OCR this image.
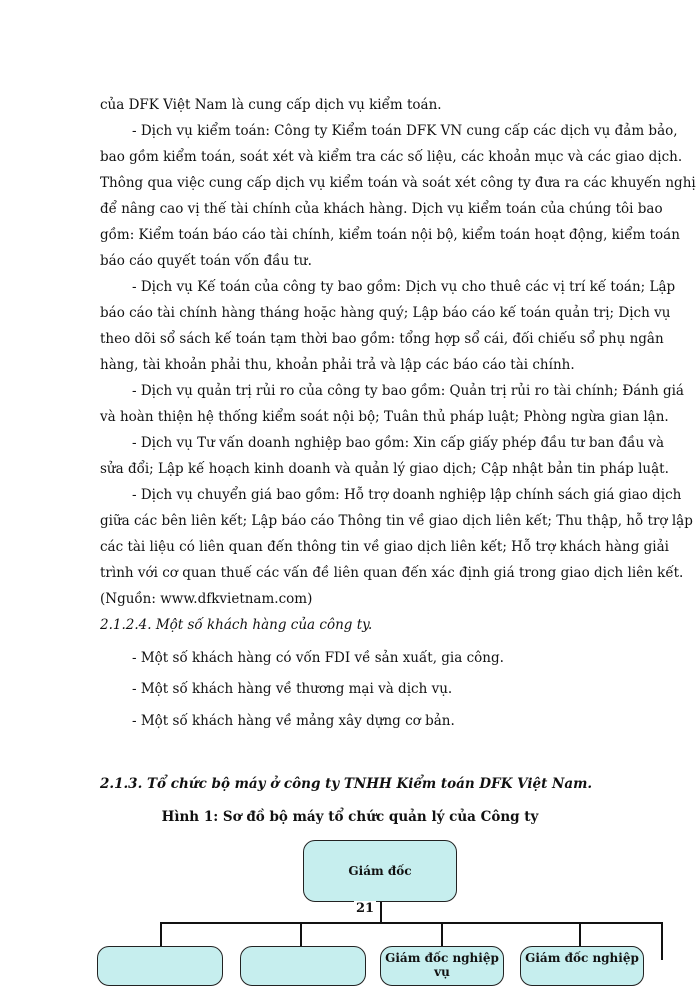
của DFK Việt Nam là cung cấp dịch vụ kiểm toán.
- Dịch vụ kiểm toán: Công ty Kiểm toán DFK VN cung cấp các dịch vụ đảm bảo,
bao gồm kiểm toán, soát xét và kiểm tra các số liệu, các khoản mục và các giao dịch.
Thông qua việc cung cấp dịch vụ kiểm toán và soát xét công ty đưa ra các khuyến nghị
để nâng cao vị thế tài chính của khách hàng. Dịch vụ kiểm toán của chúng tôi bao
gồm: Kiểm toán báo cáo tài chính, kiểm toán nội bộ, kiểm toán hoạt động, kiểm toán
báo cáo quyết toán vốn đầu tư.
- Dịch vụ Kế toán của công ty bao gồm: Dịch vụ cho thuê các vị trí kế toán; Lập
báo cáo tài chính hàng tháng hoặc hàng quý; Lập báo cáo kế toán quản trị; Dịch vụ
theo dõi sổ sách kế toán tạm thời bao gồm: tổng hợp sổ cái, đối chiếu sổ phụ ngân
hàng, tài khoản phải thu, khoản phải trả và lập các báo cáo tài chính.
- Dịch vụ quản trị rủi ro của công ty bao gồm: Quản trị rủi ro tài chính; Đánh giá
và hoàn thiện hệ thống kiểm soát nội bộ; Tuân thủ pháp luật; Phòng ngừa gian lận.
- Dịch vụ Tư vấn doanh nghiệp bao gồm: Xin cấp giấy phép đầu tư ban đầu và
sửa đổi; Lập kế hoạch kinh doanh và quản lý giao dịch; Cập nhật bản tin pháp luật.
- Dịch vụ chuyển giá bao gồm: Hỗ trợ doanh nghiệp lập chính sách giá giao dịch
giữa các bên liên kết; Lập báo cáo Thông tin về giao dịch liên kết; Thu thập, hỗ trợ lập
các tài liệu có liên quan đến thông tin về giao dịch liên kết; Hỗ trợ khách hàng giải
trình với cơ quan thuế các vấn đề liên quan đến xác định giá trong giao dịch liên kết.
(Nguồn: www.dfkvietnam.com)
2.1.2.4. Một số khách hàng của công ty.
- Một số khách hàng có vốn FDI về sản xuất, gia công.
- Một số khách hàng về thương mại và dịch vụ.
- Một số khách hàng về mảng xây dựng cơ bản.
2.1.3. Tổ chức bộ máy ở công ty TNHH Kiểm toán DFK Việt Nam.
Hình 1: Sơ đồ bộ máy tổ chức quản lý của Công ty
Giám đốc
21
Giám đốc nghiệp vụ
Giám đốc nghiệp
